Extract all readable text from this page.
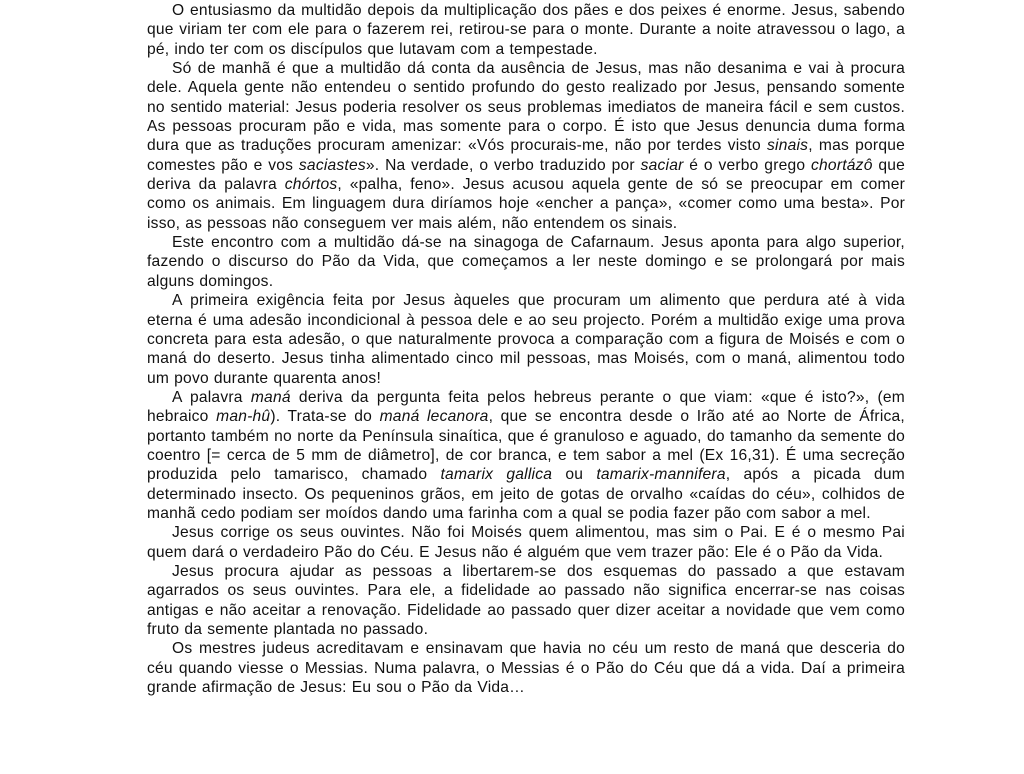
O entusiasmo da multidão depois da multiplicação dos pães e dos peixes é enorme. Jesus, sabendo que viriam ter com ele para o fazerem rei, retirou-se para o monte. Durante a noite atravessou o lago, a pé, indo ter com os discípulos que lutavam com a tempestade.

Só de manhã é que a multidão dá conta da ausência de Jesus, mas não desanima e vai à procura dele. Aquela gente não entendeu o sentido profundo do gesto realizado por Jesus, pensando somente no sentido material: Jesus poderia resolver os seus problemas imediatos de maneira fácil e sem custos. As pessoas procuram pão e vida, mas somente para o corpo. É isto que Jesus denuncia duma forma dura que as traduções procuram amenizar: «Vós procurais-me, não por terdes visto sinais, mas porque comestes pão e vos saciastes». Na verdade, o verbo traduzido por saciar é o verbo grego chortázô que deriva da palavra chórtos, «palha, feno». Jesus acusou aquela gente de só se preocupar em comer como os animais. Em linguagem dura diríamos hoje «encher a pança», «comer como uma besta». Por isso, as pessoas não conseguem ver mais além, não entendem os sinais.

Este encontro com a multidão dá-se na sinagoga de Cafarnaum. Jesus aponta para algo superior, fazendo o discurso do Pão da Vida, que começamos a ler neste domingo e se prolongará por mais alguns domingos.

A primeira exigência feita por Jesus àqueles que procuram um alimento que perdura até à vida eterna é uma adesão incondicional à pessoa dele e ao seu projecto. Porém a multidão exige uma prova concreta para esta adesão, o que naturalmente provoca a comparação com a figura de Moisés e com o maná do deserto. Jesus tinha alimentado cinco mil pessoas, mas Moisés, com o maná, alimentou todo um povo durante quarenta anos!

A palavra maná deriva da pergunta feita pelos hebreus perante o que viam: «que é isto?», (em hebraico man-hû). Trata-se do maná lecanora, que se encontra desde o Irão até ao Norte de África, portanto também no norte da Península sinaítica, que é granuloso e aguado, do tamanho da semente do coentro [= cerca de 5 mm de diâmetro], de cor branca, e tem sabor a mel (Ex 16,31). É uma secreção produzida pelo tamarisco, chamado tamarix gallica ou tamarix-mannifera, após a picada dum determinado insecto. Os pequeninos grãos, em jeito de gotas de orvalho «caídas do céu», colhidos de manhã cedo podiam ser moídos dando uma farinha com a qual se podia fazer pão com sabor a mel.

Jesus corrige os seus ouvintes. Não foi Moisés quem alimentou, mas sim o Pai. E é o mesmo Pai quem dará o verdadeiro Pão do Céu. E Jesus não é alguém que vem trazer pão: Ele é o Pão da Vida.

Jesus procura ajudar as pessoas a libertarem-se dos esquemas do passado a que estavam agarrados os seus ouvintes. Para ele, a fidelidade ao passado não significa encerrar-se nas coisas antigas e não aceitar a renovação. Fidelidade ao passado quer dizer aceitar a novidade que vem como fruto da semente plantada no passado.

Os mestres judeus acreditavam e ensinavam que havia no céu um resto de maná que desceria do céu quando viesse o Messias. Numa palavra, o Messias é o Pão do Céu que dá a vida. Daí a primeira grande afirmação de Jesus: Eu sou o Pão da Vida…
